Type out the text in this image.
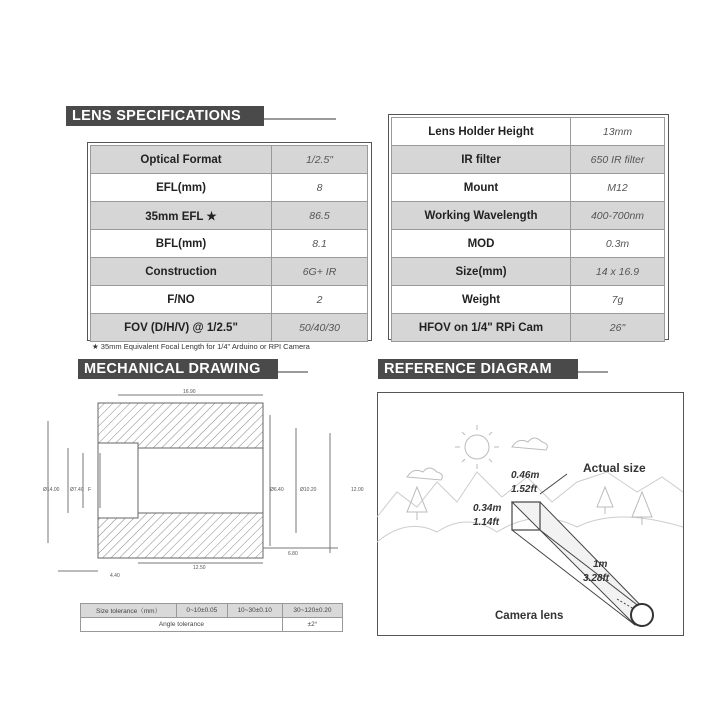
LENS SPECIFICATIONS
Optical Format	1/2.5"
EFL(mm)	8
35mm EFL ★	86.5
BFL(mm)	8.1
Construction	6G+ IR
F/NO	2
FOV (D/H/V) @ 1/2.5"	50/40/30
★ 35mm Equivalent Focal Length for 1/4" Arduino or RPI Camera
Lens Holder Height	13mm
IR filter	650 IR filter
Mount	M12
Working Wavelength	400-700nm
MOD	0.3m
Size(mm)	14 x 16.9
Weight	7g
HFOV on 1/4" RPi Cam	26"
MECHANICAL DRAWING
16.90
Ø14.00 Ø7.40 F	Ø6.40	Ø10.20	12.00
12.50
6.80
4.40
Size tolerance（mm）	0~10±0.05	10~30±0.10	30~120±0.20
Angle tolerance			±2°
REFERENCE DIAGRAM
Actual size
0.46m
1.52ft
0.34m
1.14ft
1m
3.28ft
Camera lens
